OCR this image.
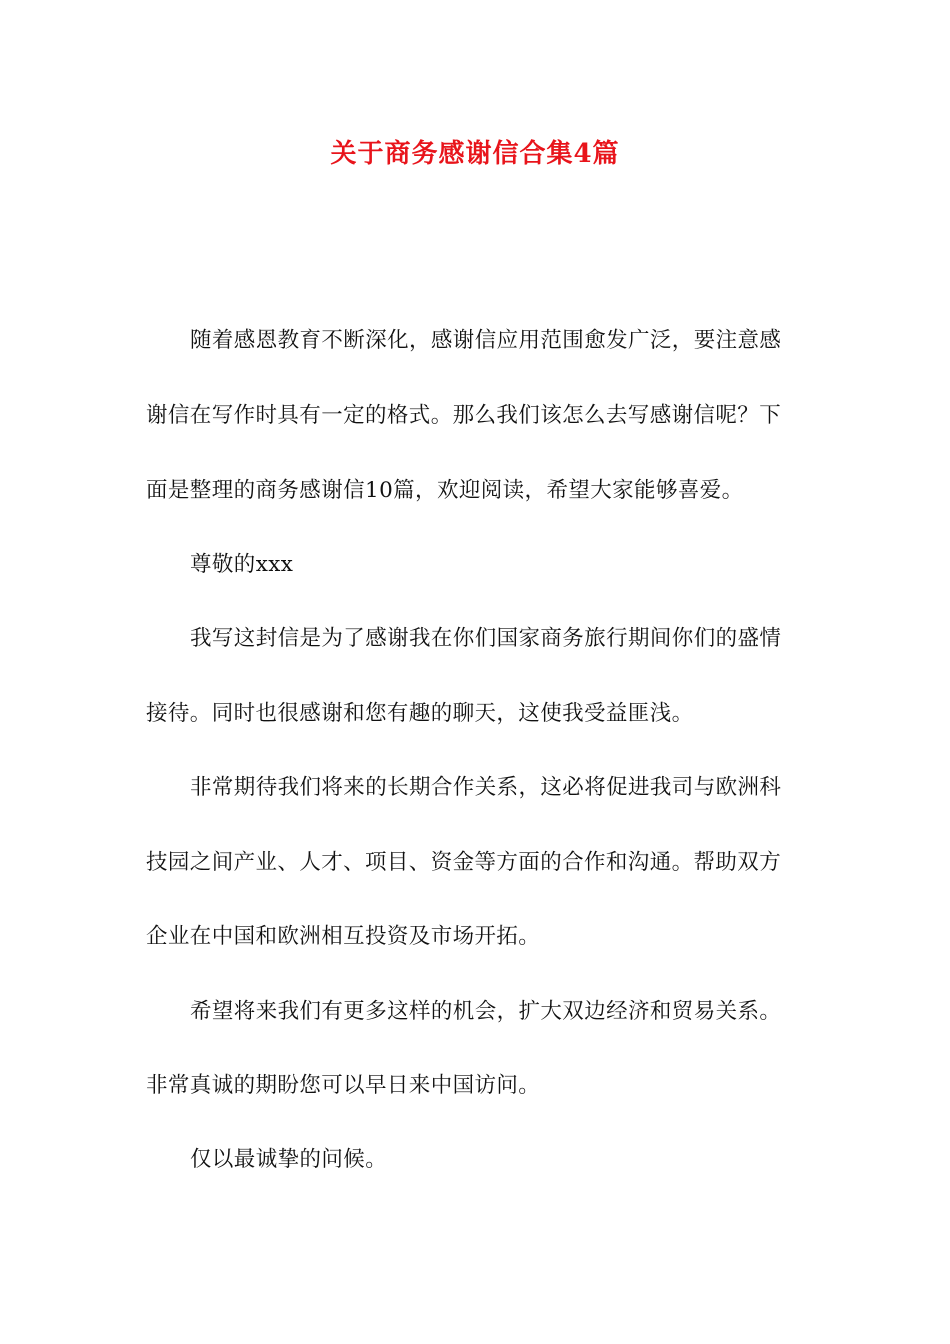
关于商务感谢信合集4篇
随着感恩教育不断深化，感谢信应用范围愈发广泛，要注意感
谢信在写作时具有一定的格式。那么我们该怎么去写感谢信呢？下
面是整理的商务感谢信10篇，欢迎阅读，希望大家能够喜爱。
尊敬的xxx
我写这封信是为了感谢我在你们国家商务旅行期间你们的盛情
接待。同时也很感谢和您有趣的聊天，这使我受益匪浅。
非常期待我们将来的长期合作关系，这必将促进我司与欧洲科
技园之间产业、人才、项目、资金等方面的合作和沟通。帮助双方
企业在中国和欧洲相互投资及市场开拓。
希望将来我们有更多这样的机会，扩大双边经济和贸易关系。
非常真诚的期盼您可以早日来中国访问。
仅以最诚挚的问候。
